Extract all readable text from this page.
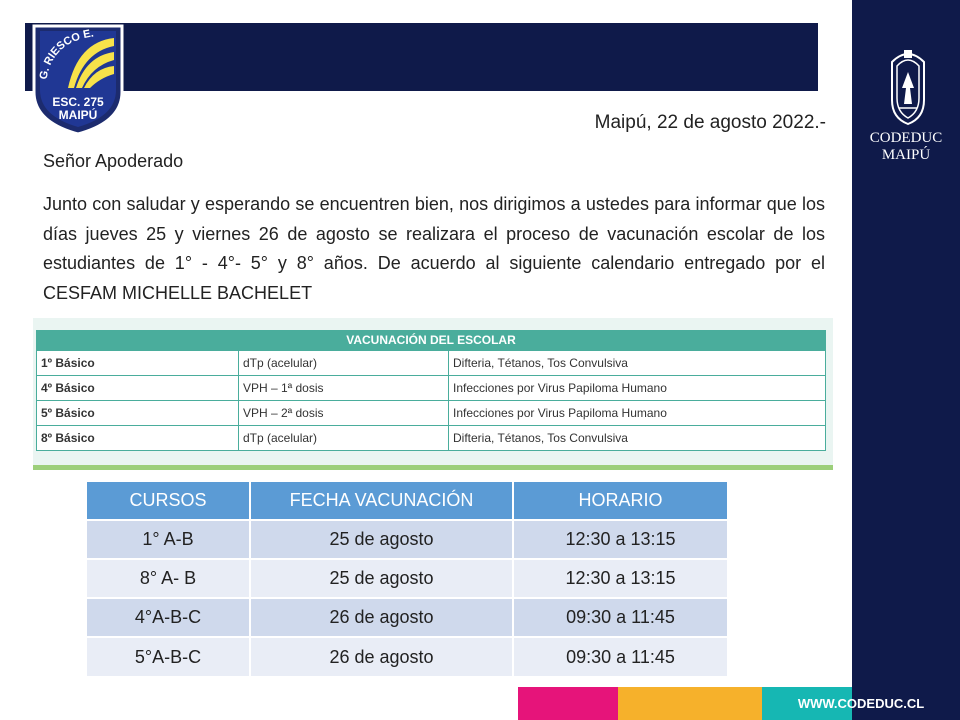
G. RIESCO E.
ESC. 275
MAIPÚ
CODEDUC
MAIPÚ
Maipú, 22 de agosto 2022.-
Señor Apoderado
Junto con saludar y esperando se encuentren bien, nos dirigimos a ustedes para informar que los días jueves 25 y viernes 26 de agosto se realizara el proceso de vacunación escolar de los estudiantes de 1° - 4°- 5° y 8° años. De acuerdo al siguiente calendario entregado por el CESFAM MICHELLE BACHELET
VACUNACIÓN DEL ESCOLAR
1º Básico	dTp (acelular)	Difteria, Tétanos, Tos Convulsiva
4º Básico	VPH – 1ª dosis	Infecciones por Virus Papiloma Humano
5º Básico	VPH – 2ª dosis	Infecciones por Virus Papiloma Humano
8º Básico	dTp (acelular)	Difteria, Tétanos, Tos Convulsiva
CURSOS	FECHA VACUNACIÓN	HORARIO
1° A-B	25 de agosto	12:30 a 13:15
8° A- B	25 de agosto	12:30 a 13:15
4°A-B-C	26 de agosto	09:30 a 11:45
5°A-B-C	26 de agosto	09:30 a 11:45
WWW.CODEDUC.CL
